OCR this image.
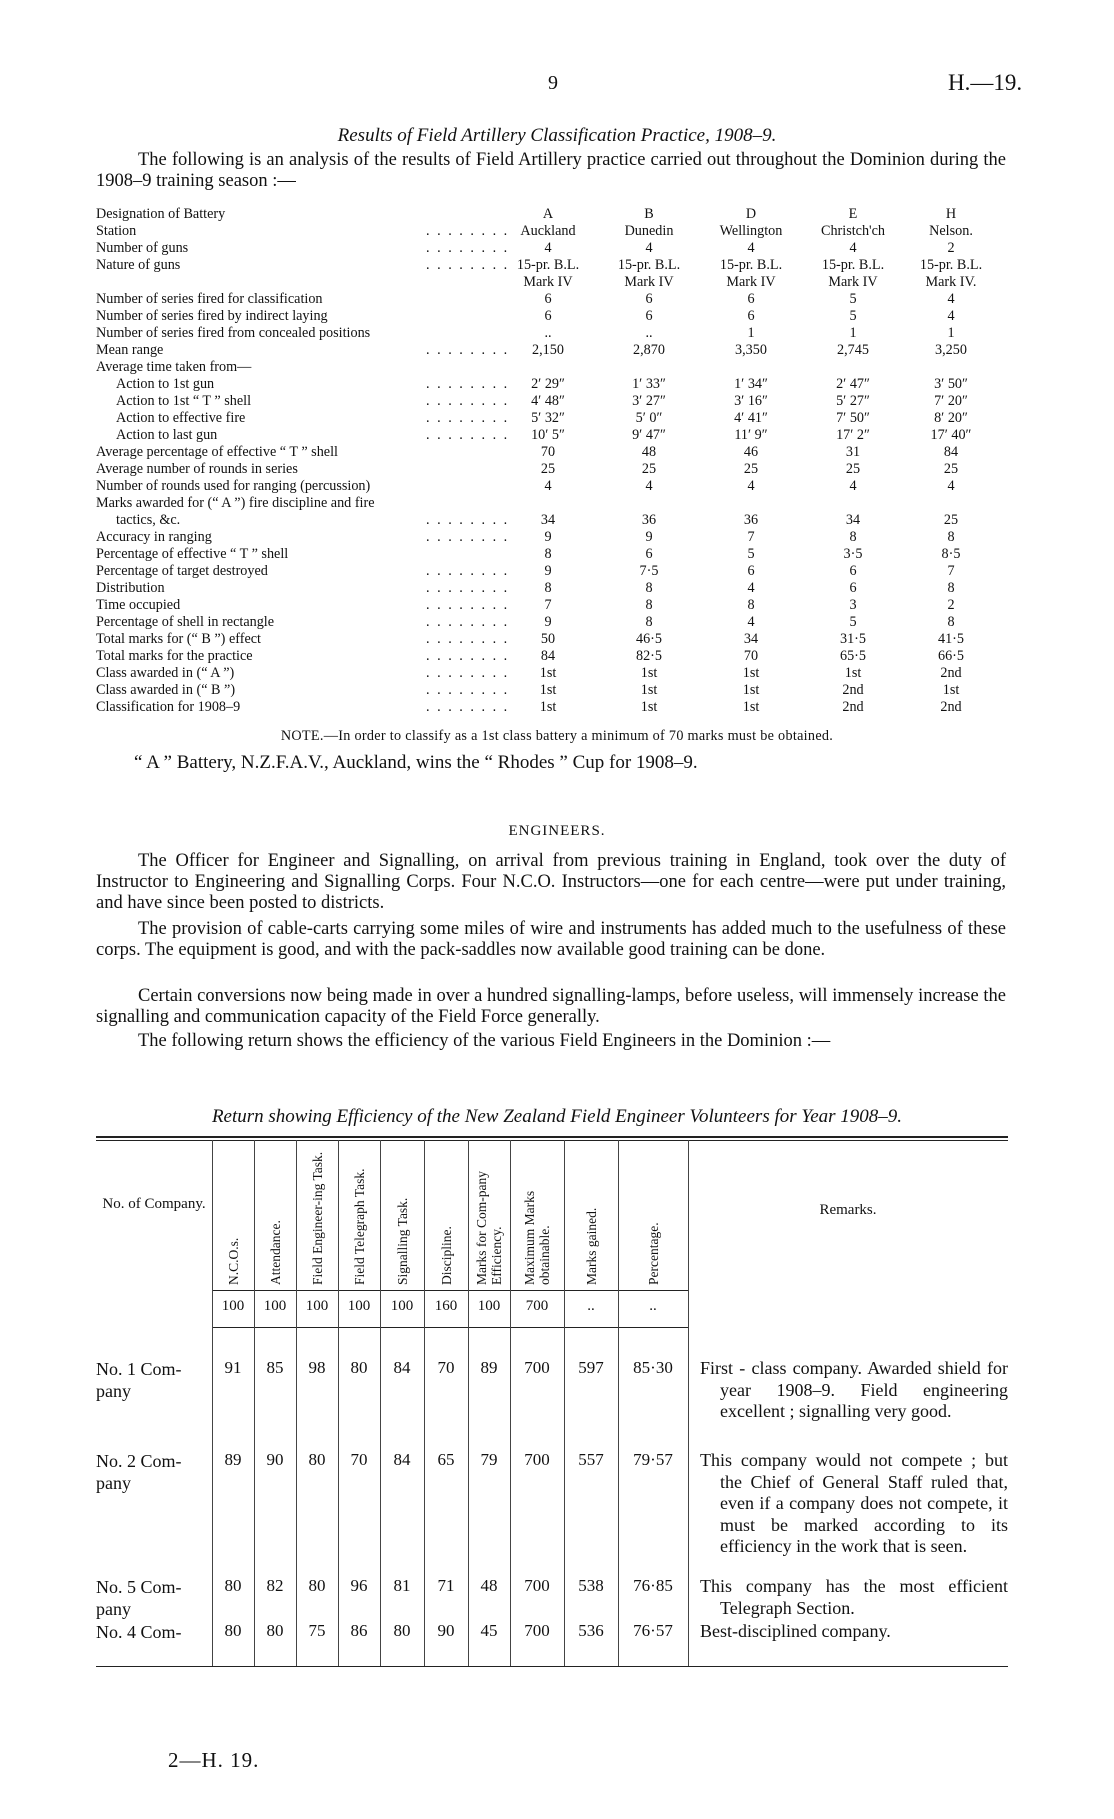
9	H.—19.
Results of Field Artillery Classification Practice, 1908–9.
The following is an analysis of the results of Field Artillery practice carried out throughout the Dominion during the 1908–9 training season :—
Designation of Battery	A	B	D	E	H
Station	. . . . . . . . Auckland	Dunedin	Wellington	Christch'ch	Nelson.
Number of guns	. . . . . . . .	4	4	4	4	2
Nature of guns	. . . . . . . . 15-pr. B.L.	15-pr. B.L.	15-pr. B.L.	15-pr. B.L.	15-pr. B.L.
Mark IV	Mark IV	Mark IV	Mark IV	Mark IV.
Number of series fired for classification	6	6	6	5	4
Number of series fired by indirect laying	6	6	6	5	4
Number of series fired from concealed positions	..	..	1	1	1
Mean range	. . . . . . . .	2,150	2,870	3,350	2,745	3,250
Average time taken from—
Action to 1st gun	. . . . . . . .	2′ 29″	1′ 33″	1′ 34″	2′ 47″	3′ 50″
Action to 1st “ T ” shell	. . . . . . . .	4′ 48″	3′ 27″	3′ 16″	5′ 27″	7′ 20″
Action to effective fire	. . . . . . . .	5′ 32″	5′ 0″	4′ 41″	7′ 50″	8′ 20″
Action to last gun	. . . . . . . .	10′ 5″	9′ 47″	11′ 9″	17′ 2″	17′ 40″
Average percentage of effective “ T ” shell	70	48	46	31	84
Average number of rounds in series	25	25	25	25	25
Number of rounds used for ranging (percussion)	4	4	4	4	4
Marks awarded for (“ A ”) fire discipline and fire
tactics, &c.	. . . . . . . .	34	36	36	34	25
Accuracy in ranging	. . . . . . . .	9	9	7	8	8
Percentage of effective “ T ” shell	8	6	5	3·5	8·5
Percentage of target destroyed	. . . . . . . .	9	7·5	6	6	7
Distribution	. . . . . . . .	8	8	4	6	8
Time occupied	. . . . . . . .	7	8	8	3	2
Percentage of shell in rectangle	. . . . . . . .	9	8	4	5	8
Total marks for (“ B ”) effect	. . . . . . . .	50	46·5	34	31·5	41·5
Total marks for the practice	. . . . . . . .	84	82·5	70	65·5	66·5
Class awarded in (“ A ”)	. . . . . . . .	1st	1st	1st	1st	2nd
Class awarded in (“ B ”)	. . . . . . . .	1st	1st	1st	2nd	1st
Classification for 1908–9	. . . . . . . .	1st	1st	1st	2nd	2nd
NOTE.—In order to classify as a 1st class battery a minimum of 70 marks must be obtained.
“ A ” Battery, N.Z.F.A.V., Auckland, wins the “ Rhodes ” Cup for 1908–9.
ENGINEERS.
The Officer for Engineer and Signalling, on arrival from previous training in England, took over the duty of Instructor to Engineering and Signalling Corps. Four N.C.O. Instructors—one for each centre—were put under training, and have since been posted to districts.
The provision of cable-carts carrying some miles of wire and instruments has added much to the usefulness of these corps. The equipment is good, and with the pack-saddles now available good training can be done.
Certain conversions now being made in over a hundred signalling-lamps, before useless, will immensely increase the signalling and communication capacity of the Field Force generally.
The following return shows the efficiency of the various Field Engineers in the Dominion :—
Return showing Efficiency of the New Zealand Field Engineer Volunteers for Year 1908–9.
No. of Company.	Remarks.
N.C.O.s.	Attendance.	Field Engineer-ing Task.	Field Telegraph Task.	Signalling Task.	Discipline.	Marks for Com-pany Efficiency.	Maximum Marks obtainable.	Marks gained.	Percentage.
100	100	100	100	100	160	100	700	..	..
No. 1 Com-pany
91	85	98	80	84	70	89	700	597	85·30	First - class company. Awarded shield for year 1908–9. Field engineering excellent ; signalling very good.
No. 2 Com-pany
89	90	80	70	84	65	79	700	557	79·57	This company would not compete ; but the Chief of General Staff ruled that, even if a company does not compete, it must be marked according to its efficiency in the work that is seen.
No. 5 Com-pany
80	82	80	96	81	71	48	700	538	76·85	This company has the most efficient Telegraph Section.
No. 4 Com-	80	80	75	86	80	90	45	700	536	76·57	Best-disciplined company.
2—H. 19.
